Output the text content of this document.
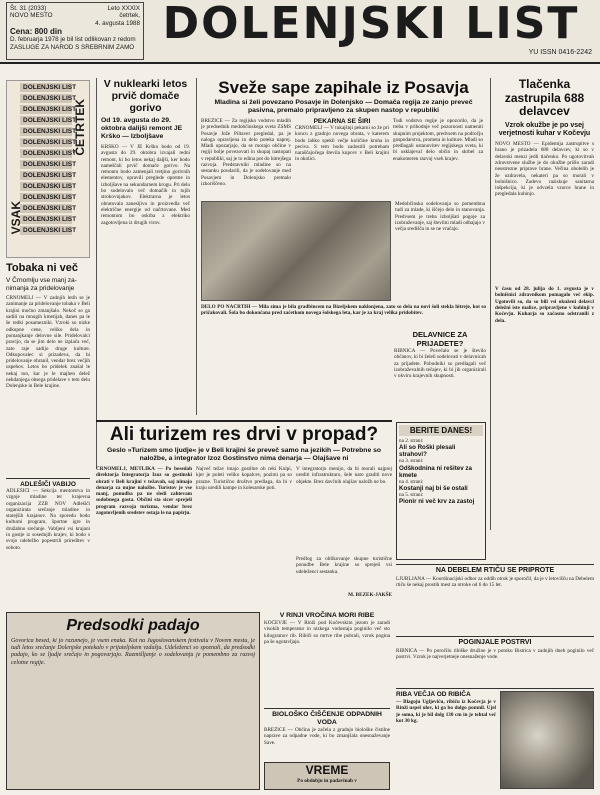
Št. 31 (2033)	Leto XXXIX
NOVO MESTO	četrtek,
4. avgusta 1988
Cena: 800 din
D. februarja 1978 je bil list odlikovan z redom
ZASLUGE ZA NAROD S SREBRNIM ZAMO DOLENJSKI LIST
YU ISSN 0416-2242
DOLENJSKI LIST
DOLENJSKI LIST
DOLENJSKI LIST
DOLENJSKI LIST
DOLENJSKI LIST
DOLENJSKI LIST
DOLENJSKI LIST
DOLENJSKI LIST
DOLENJSKI LIST
DOLENJSKI LIST
DOLENJSKI LIST
DOLENJSKI LIST
DOLENJSKI LIST
DOLENJSKI LIST
ČETRTEK
VSAK
Tobaka ni več
V Črnomlju vse manj za-nimanja za pridelovanje
ČRNOMELJ — V zadnjih letih se je zanimanje za pridelovanje tobaka v Beli krajini močno zmanjšalo. Nekoč so ga sadili na mnogih kmetijah, danes pa le še redki posamezniki. Vzroki so nizke odkupne cene, veliko dela in pomanjkanje delovne sile. Pridelovalci pravijo, da se jim delo ne izplača več, zato raje sadijo druge kulture. Odkupovalec si prizadeva, da bi pridelovanje ohranil, vendar brez večjih uspehov. Letos bo pridelek znašal le nekaj ton, kar je le majhen delež nekdanjega obsega pridelave v tem delu Dolenjske in Bele krajine.
ADLEŠIČI VABIJO
ADLEŠIČI — Sekcija mentorstva in vzgoje mladine ter krajevna organizacija ZZB NOV Adlešiči organizirata srečanje mladine in starejših krajanov. Na sporedu bodo kulturni program, športne igre in družabno srečanje. Vabljeni vsi krajani in gostje iz sosednjih krajev, ki bodo s svojo udeležbo popestrili prireditev v soboto.
V nuklearki letos prvič domače gorivo
Od 19. avgusta do 29. oktobra dalijši remont JE Krško — Izboljšave
KRŠKO — V JE Krško bodo od 19. avgusta do 29. oktobra izvajali redni remont, ki bo letos nekaj daljši, ker bodo nameščali prvič domače gorivo. Na remontu bodo zamenjali tretjino gorivnih elementov, opravili preglede opreme in izboljšave na sekundarnem krogu. Pri delu bo sodelovalo več domačih in tujih strokovnjakov. Elektrarna je letos obratovala zanesljivo in proizvedla več električne energije od načrtovane. Med remontom bo oskrba z elektriko zagotovljena iz drugih virov.
Sveže sape zapihale iz Posavja
Mladina si želi povezano Posavje in Dolenjsko — Domača regija ze zanjo preveč pasivna, premalo pripravljeno za skupen nastop v republiki
BREŽICE — Za regijsko vodstvo mladih je predsednik medobčinskega sveta ZSMS Posavje Jože Piltaver pregledal, pa je naloga opravljena in delo poteka naprej. Mladi opozarjajo, da se morajo občine v regiji bolje povezovati in skupaj nastopati v republiki, saj je to edina pot do hitrejšega razvoja. Predstavniki mladine so na sestanku poudarili, da je sodelovanje med Posavjem in Dolenjsko premalo izkoriščeno.
PEKARNA SE ŠIRI
ČRNOMELJ — V tukajšnji pekarni so že pri koncu z gradnjo novega obrata, v katerem bodo lahko spekli večje količine kruha in peciva. S tem bodo zadostili potrebam naraščajočega števila kupcev v Beli krajini in okolici.
Tudi vodstvo regije je opozorilo, da je treba v prihodnje več pozornosti nameniti skupnim projektom, predvsem na področju gospodarstva, prometa in kulture. Mladi so predlagali ustanovitev regijskega sveta, ki bi usklajeval delo občin in skrbel za enakomeren razvoj vseh krajev.
Medobčinska sodelovanja so pomembna tudi za mlade, ki iščejo delo in stanovanja. Predvsem je treba izboljšati pogoje za izobraževanje, saj številni mladi odhajajo v večja središča in se ne vračajo.
DELO PO NAČRTIH — Mila zima je bila gradbincem na Bizeljskem naklonjena, zato so dela na novi šoli stekla hitreje, kot so pričakovali. Šola bo dokončana pred začetkom novega šolskega leta, kar je za kraj velika pridobitev.
DELAVNICE ZA PRIJADETE?
RIBNICA — Povečalo se je število občanov, ki bi želeli sodelovati v delavnicah za prijadete. Pobudniki so predlagali več izobraževalnih tečajev, ki bi jih organizirali v okviru krajevnih skupnosti.
Tlačenka zastrupila 688 delavcev
Vzrok okužbe je po vsej verjetnosti kuhar v Kočevju
NOVO MESTO — Epidemija zastrupitve s hrano je prizadela 688 delavcev, ki so v delavski menzi jedli tlačenko. Po ugotovitvah zdravstvene službe je do okužbe prišlo zaradi neustrezne priprave hrane. Večina obolelih je že ozdravela, nekateri pa so morali v bolnišnico. Zadevo raziskuje sanitarna inšpekcija, ki je odvzela vzorce hrane in pregledala kuhinjo.
V času od 28. julija do 1. avgusta je v bolnišnici zdravnikom pomagalo več ekip. Ugotovili so, da so bili vsi okuženi delavci deležni iste malice, pripravljene v kuhinji v Kočevju. Kuharja so začasno odstranili z dela.
BERITE DANES!
na 2. strani:
Ali so Roški plesali strahovi?
na 3. strani:
Odškodnina ni rešitev za kmete
na 4. strani:
Kostanji naj bi še ostali
na 5. strani:
Pionir ni več krv za zastoj
Ali turizem res drvi v propad?
Geslo »Turizem smo ljudje« je v Beli krajini še preveč samo na jezikih — Potrebne so naložbe, a integrator Izoz Gostinstvo nima denarja — Olajšave ni
ČRNOMELJ, METLIKA — Po besedah direktorja Integratorja Izoz so gostinski obrati v Beli krajini v težavah, saj nimajo denarja za nujne naložbe. Turistov je vse manj, ponudba pa ne sledi zahtevam sodobnega gosta. Občini sta sicer sprejeli program razvoja turizma, vendar brez zagotovljenih sredstev ostaja le na papirju.
Največ težav imajo gostilne ob reki Kolpi, kjer je poleti veliko kopalcev, pozimi pa so prazne. Turistično društvo predlaga, da bi v kraju uredili kampe in kolesarske poti.
V integratorju menijo, da bi morali najprej urediti infrastrukturo, šele nato graditi nove objekte. Brez davčnih olajšav naložb ne bo.
Predlog za oblikovanje skupne turistične ponudbe Bele krajine so sprejeli vsi udeleženci sestanka.
M. BEZEK-JAKŠE
Predsodki padajo
Govorica besed, ki jo razumejo, je vsem enaka. Kot na Jugoslovanskem festivalu v Novem mestu, je tudi letos srečanje Dolenjske potekalo v prijateljskem vzdušju. Udeleženci so spoznali, da predsodki padajo, ko se ljudje srečajo in pogovarjajo. Razmišljanje o sodelovanju je pomembno za razvoj celotne regije.
V RINJI VROČINA MORI RIBE
KOČEVJE — V Rinži pod Kočevskim jezom je zaradi visokih temperatur in nizkega vodostaja poginilo več sto kilogramov rib. Ribiči so mrtve ribe pobrali, vzrok pogina pa še ugotavljajo.
BIOLOŠKO ČIŠČENJE ODPADNIH VODA
BREŽICE — Občina je začela z gradnjo biološke čistilne naprave za odpadne vode, ki bo zmanjšala onesnaževanje Save.
VREME
Po obdobju in padavinah v
NA DEBELEM RTIČU SE PRIPROTE
LJUBLJANA — Koordinacijski odbor za oddih otrok je sporočil, da je v letovišču na Debelem rtiču še nekaj prostih mest za otroke od 6 do 15 let.
POGINJALE POSTRVI
RIBNICA — Po poročilu ribiške družine je v potoku Bistrica v zadnjih dneh poginilo več postrvi. Vzrok je najverjetneje onesnaženje vode.
RIBA VEČJA OD RIBIČA
— Blagoju Ugljeviču, ribiču iz Kočevja je v Rinži uspel ulov, ki ga bo dolgo pomnil. Ujel je soma, ki je bil dolg 130 cm in je tehtal več kot 30 kg.
